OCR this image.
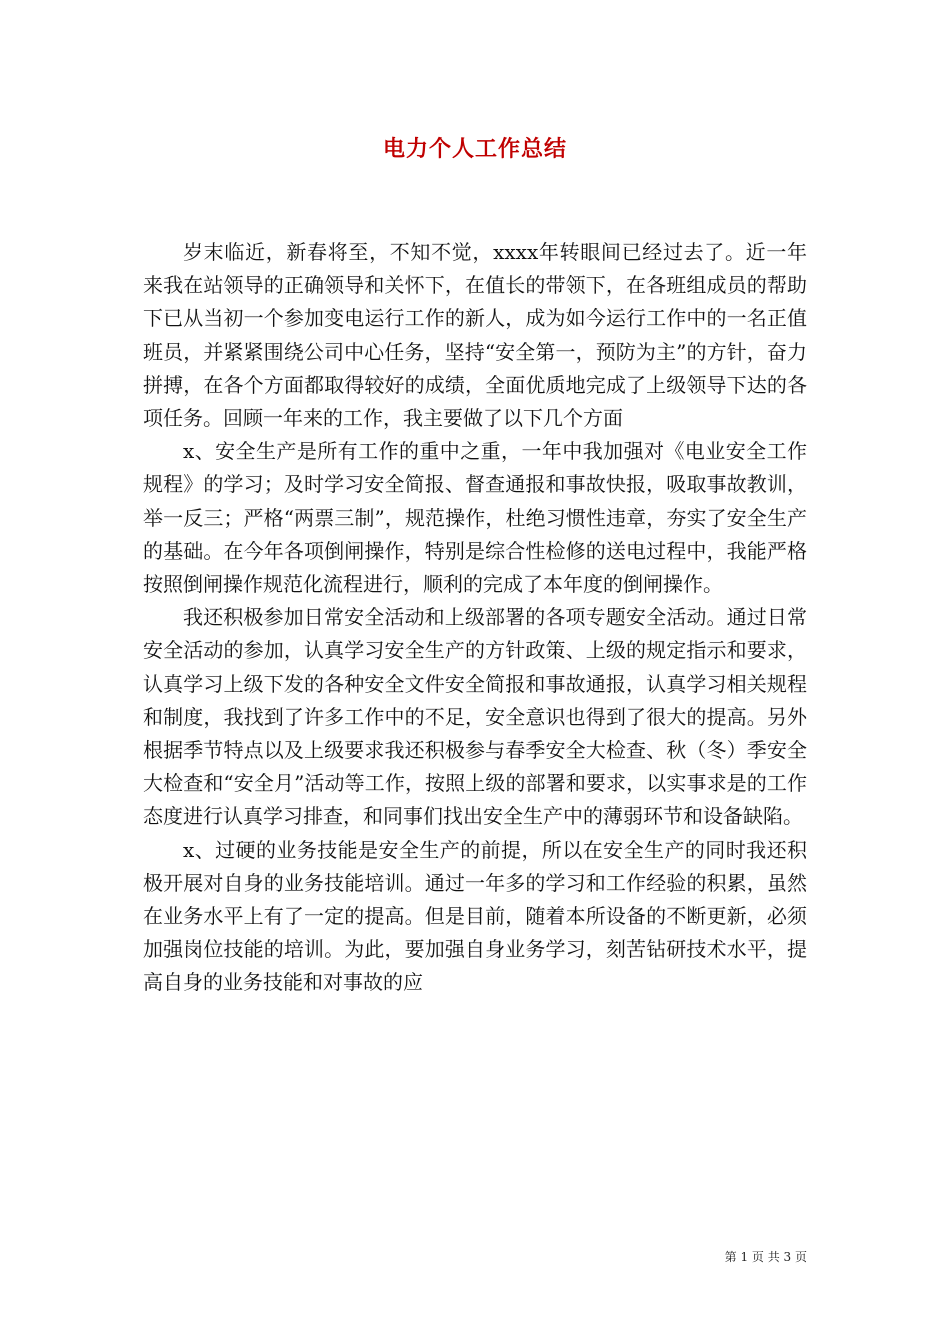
电力个人工作总结

岁末临近，新春将至，不知不觉，xxxx年转眼间已经过去了。近一年来我在站领导的正确领导和关怀下，在值长的带领下，在各班组成员的帮助下已从当初一个参加变电运行工作的新人，成为如今运行工作中的一名正值班员，并紧紧围绕公司中心任务，坚持“安全第一，预防为主”的方针，奋力拼搏，在各个方面都取得较好的成绩，全面优质地完成了上级领导下达的各项任务。回顾一年来的工作，我主要做了以下几个方面

x、安全生产是所有工作的重中之重，一年中我加强对《电业安全工作规程》的学习；及时学习安全简报、督查通报和事故快报，吸取事故教训，举一反三；严格“两票三制”，规范操作，杜绝习惯性违章，夯实了安全生产的基础。在今年各项倒闸操作，特别是综合性检修的送电过程中，我能严格按照倒闸操作规范化流程进行，顺利的完成了本年度的倒闸操作。

我还积极参加日常安全活动和上级部署的各项专题安全活动。通过日常安全活动的参加，认真学习安全生产的方针政策、上级的规定指示和要求，认真学习上级下发的各种安全文件安全简报和事故通报，认真学习相关规程和制度，我找到了许多工作中的不足，安全意识也得到了很大的提高。另外根据季节特点以及上级要求我还积极参与春季安全大检查、秋（冬）季安全大检查和“安全月”活动等工作，按照上级的部署和要求，以实事求是的工作态度进行认真学习排查，和同事们找出安全生产中的薄弱环节和设备缺陷。

x、过硬的业务技能是安全生产的前提，所以在安全生产的同时我还积极开展对自身的业务技能培训。通过一年多的学习和工作经验的积累，虽然在业务水平上有了一定的提高。但是目前，随着本所设备的不断更新，必须加强岗位技能的培训。为此，要加强自身业务学习，刻苦钻研技术水平，提高自身的业务技能和对事故的应

第 1 页 共 3 页
